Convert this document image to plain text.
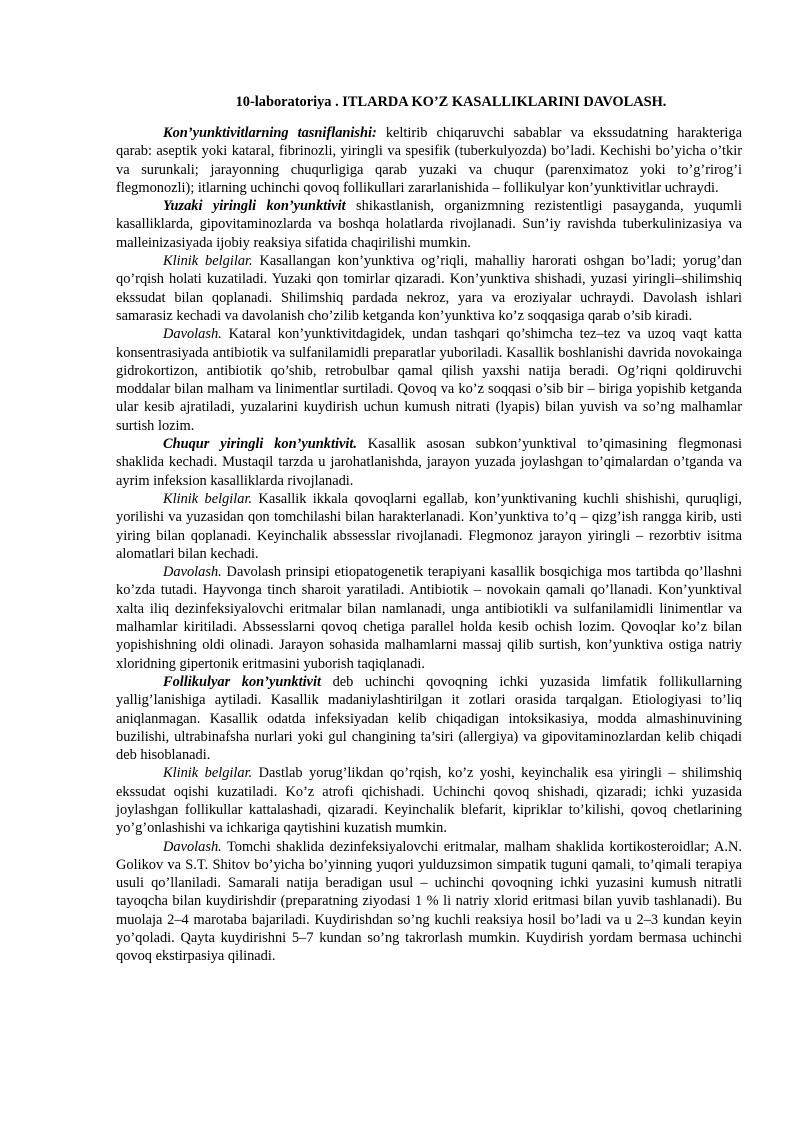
10-laboratoriya . ITLARDA KO’Z KASALLIKLARINI DAVOLASH.

Kon’yunktivitlarning tasniflanishi: keltirib chiqaruvchi sabablar va ekssudatning harakteriga qarab: aseptik yoki kataral, fibrinozli, yiringli va spesifik (tuberkulyozda) bo’ladi. Kechishi bo’yicha o’tkir va surunkali; jarayonning chuqurligiga qarab yuzaki va chuqur (parenximatoz yoki to’g’rirog’i flegmonozli); itlarning uchinchi qovoq follikullari zararlanishida – follikulyar kon’yunktivitlar uchraydi.

Yuzaki yiringli kon’yunktivit shikastlanish, organizmning rezistentligi pasayganda, yuqumli kasalliklarda, gipovitaminozlarda va boshqa holatlarda rivojlanadi. Sun’iy ravishda tuberkulinizasiya va malleinizasiyada ijobiy reaksiya sifatida chaqirilishi mumkin.

Klinik belgilar. Kasallangan kon’yunktiva og’riqli, mahalliy harorati oshgan bo’ladi; yorug’dan qo’rqish holati kuzatiladi. Yuzaki qon tomirlar qizaradi. Kon’yunktiva shishadi, yuzasi yiringli–shilimshiq ekssudat bilan qoplanadi. Shilimshiq pardada nekroz, yara va eroziyalar uchraydi. Davolash ishlari samarasiz kechadi va davolanish cho’zilib ketganda kon’yunktiva ko’z soqqasiga qarab o’sib kiradi.

Davolash. Kataral kon’yunktivitdagidek, undan tashqari qo’shimcha tez–tez va uzoq vaqt katta konsentrasiyada antibiotik va sulfanilamidli preparatlar yuboriladi. Kasallik boshlanishi davrida novokainga gidrokortizon, antibiotik qo’shib, retrobulbar qamal qilish yaxshi natija beradi. Og’riqni qoldiruvchi moddalar bilan malham va linimentlar surtiladi. Qovoq va ko’z soqqasi o’sib bir – biriga yopishib ketganda ular kesib ajratiladi, yuzalarini kuydirish uchun kumush nitrati (lyapis) bilan yuvish va so’ng malhamlar surtish lozim.

Chuqur yiringli kon’yunktivit. Kasallik asosan subkon’yunktival to’qimasining flegmonasi shaklida kechadi. Mustaqil tarzda u jarohatlanishda, jarayon yuzada joylashgan to’qimalardan o’tganda va ayrim infeksion kasalliklarda rivojlanadi.

Klinik belgilar. Kasallik ikkala qovoqlarni egallab, kon’yunktivaning kuchli shishishi, quruqligi, yorilishi va yuzasidan qon tomchilashi bilan harakterlanadi. Kon’yunktiva to’q – qizg’ish rangga kirib, usti yiring bilan qoplanadi. Keyinchalik abssesslar rivojlanadi. Flegmonoz jarayon yiringli – rezorbtiv isitma alomatlari bilan kechadi.

Davolash. Davolash prinsipi etiopatogenetik terapiyani kasallik bosqichiga mos tartibda qo’llashni ko’zda tutadi. Hayvonga tinch sharoit yaratiladi. Antibiotik – novokain qamali qo’llanadi. Kon’yunktival xalta iliq dezinfeksiyalovchi eritmalar bilan namlanadi, unga antibiotikli va sulfanilamidli linimentlar va malhamlar kiritiladi. Abssesslarni qovoq chetiga parallel holda kesib ochish lozim. Qovoqlar ko’z bilan yopishishning oldi olinadi. Jarayon sohasida malhamlarni massaj qilib surtish, kon’yunktiva ostiga natriy xloridning gipertonik eritmasini yuborish taqiqlanadi.

Follikulyar kon’yunktivit deb uchinchi qovoqning ichki yuzasida limfatik follikullarning yallig’lanishiga aytiladi. Kasallik madaniylashtirilgan it zotlari orasida tarqalgan. Etiologiyasi to’liq aniqlanmagan. Kasallik odatda infeksiyadan kelib chiqadigan intoksikasiya, modda almashinuvining buzilishi, ultrabinafsha nurlari yoki gul changining ta’siri (allergiya) va gipovitaminozlardan kelib chiqadi deb hisoblanadi.

Klinik belgilar. Dastlab yorug’likdan qo’rqish, ko’z yoshi, keyinchalik esa yiringli – shilimshiq ekssudat oqishi kuzatiladi. Ko’z atrofi qichishadi. Uchinchi qovoq shishadi, qizaradi; ichki yuzasida joylashgan follikullar kattalashadi, qizaradi. Keyinchalik blefarit, kipriklar to’kilishi, qovoq chetlarining yo’g’onlashishi va ichkariga qaytishini kuzatish mumkin.

Davolash. Tomchi shaklida dezinfeksiyalovchi eritmalar, malham shaklida kortikosteroidlar; A.N. Golikov va S.T. Shitov bo’yicha bo’yinning yuqori yulduzsimon simpatik tuguni qamali, to’qimali terapiya usuli qo’llaniladi. Samarali natija beradigan usul – uchinchi qovoqning ichki yuzasini kumush nitratli tayoqcha bilan kuydirishdir (preparatning ziyodasi 1 % li natriy xlorid eritmasi bilan yuvib tashlanadi). Bu muolaja 2–4 marotaba bajariladi. Kuydirishdan so’ng kuchli reaksiya hosil bo’ladi va u 2–3 kundan keyin yo’qoladi. Qayta kuydirishni 5–7 kundan so’ng takrorlash mumkin. Kuydirish yordam bermasa uchinchi qovoq ekstirpasiya qilinadi.
